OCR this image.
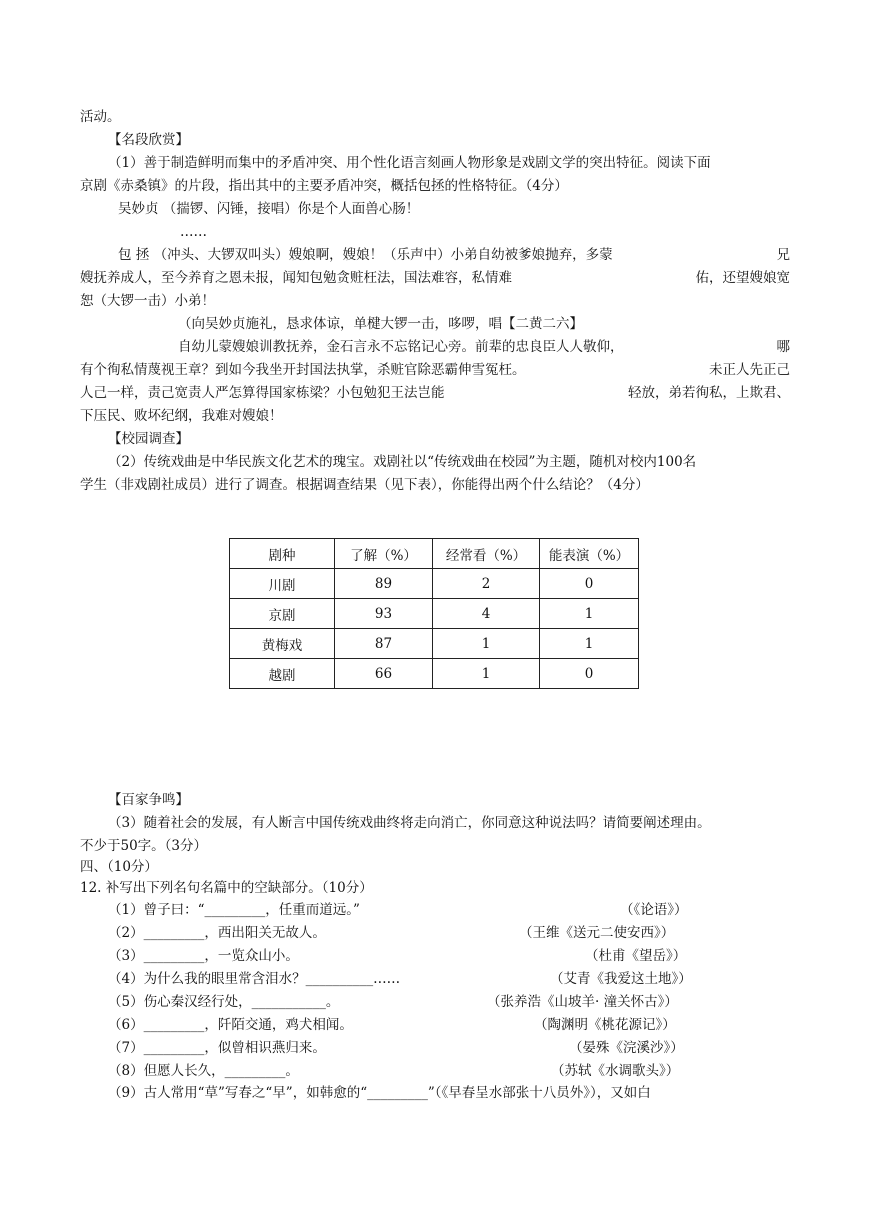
活动。
【名段欣赏】
（1）善于制造鲜明而集中的矛盾冲突、用个性化语言刻画人物形象是戏剧文学的突出特征。阅读下面
京剧《赤桑镇》的片段，指出其中的主要矛盾冲突，概括包拯的性格特征。（4分）
吴妙贞 （揣锣、闪锤，接唱）你是个人面兽心肠！
……
包 拯 （冲头、大锣双叫头）嫂娘啊，嫂娘！（乐声中）小弟自幼被爹娘抛弃，多蒙	兄
嫂抚养成人，至今养育之恩未报，闻知包勉贪赃枉法，国法难容，私情难	佑，还望嫂娘宽
恕（大锣一击）小弟！
（向吴妙贞施礼，恳求体谅，单楗大锣一击，哆啰，唱【二黄二六】
自幼儿蒙嫂娘训教抚养，金石言永不忘铭记心旁。前辈的忠良臣人人敬仰，	哪
有个徇私情蔑视王章？到如今我坐开封国法执掌，杀赃官除恶霸伸雪冤枉。	未正人先正己
人己一样，责己宽责人严怎算得国家栋梁？小包勉犯王法岂能	轻放，弟若徇私，上欺君、
下压民、败坏纪纲，我难对嫂娘！
【校园调查】
（2）传统戏曲是中华民族文化艺术的瑰宝。戏剧社以“传统戏曲在校园”为主题，随机对校内100名
学生（非戏剧社成员）进行了调查。根据调查结果（见下表），你能得出两个什么结论？（4分）
剧种	了解（%）	经常看（%）	能表演（%）
川剧	89	2	0
京剧	93	4	1
黄梅戏	87	1	1
越剧	66	1	0
【百家争鸣】
（3）随着社会的发展，有人断言中国传统戏曲终将走向消亡，你同意这种说法吗？请简要阐述理由。
不少于50字。（3分）
四、（10分）
12. 补写出下列名句名篇中的空缺部分。（10分）
（1）曾子曰：“_________，任重而道远。”	（《论语》）
（2）_________，西出阳关无故人。	（王维《送元二使安西》）
（3）_________，一览众山小。	（杜甫《望岳》）
（4）为什么我的眼里常含泪水？__________……	（艾青《我爱这土地》）
（5）伤心秦汉经行处，___________。	（张养浩《山坡羊· 潼关怀古》）
（6）_________，阡陌交通，鸡犬相闻。	（陶渊明《桃花源记》）
（7）_________，似曾相识燕归来。	（晏殊《浣溪沙》）
（8）但愿人长久，_________。	（苏轼《水调歌头》）
（9）古人常用“草”写春之“早”，如韩愈的“_________”（《早春呈水部张十八员外》），又如白
